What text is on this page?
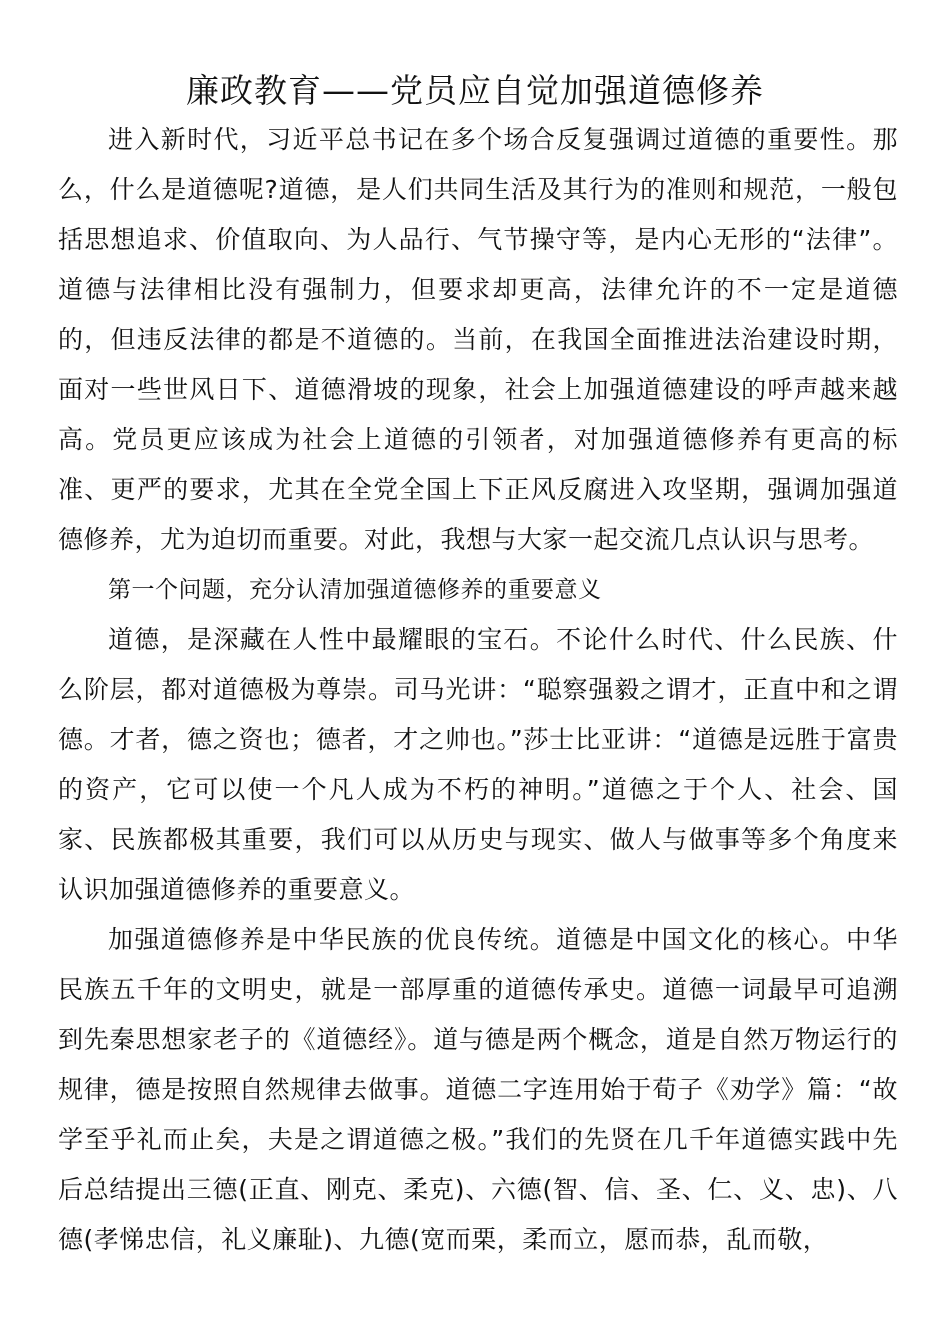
廉政教育——党员应自觉加强道德修养

进入新时代，习近平总书记在多个场合反复强调过道德的重要性。那么，什么是道德呢?道德，是人们共同生活及其行为的准则和规范，一般包括思想追求、价值取向、为人品行、气节操守等，是内心无形的“法律”。道德与法律相比没有强制力，但要求却更高，法律允许的不一定是道德的，但违反法律的都是不道德的。当前，在我国全面推进法治建设时期，面对一些世风日下、道德滑坡的现象，社会上加强道德建设的呼声越来越高。党员更应该成为社会上道德的引领者，对加强道德修养有更高的标准、更严的要求，尤其在全党全国上下正风反腐进入攻坚期，强调加强道德修养，尤为迫切而重要。对此，我想与大家一起交流几点认识与思考。

第一个问题，充分认清加强道德修养的重要意义

道德，是深藏在人性中最耀眼的宝石。不论什么时代、什么民族、什么阶层，都对道德极为尊崇。司马光讲：“聪察强毅之谓才，正直中和之谓德。才者，德之资也；德者，才之帅也。”莎士比亚讲：“道德是远胜于富贵的资产，它可以使一个凡人成为不朽的神明。”道德之于个人、社会、国家、民族都极其重要，我们可以从历史与现实、做人与做事等多个角度来认识加强道德修养的重要意义。

加强道德修养是中华民族的优良传统。道德是中国文化的核心。中华民族五千年的文明史，就是一部厚重的道德传承史。道德一词最早可追溯到先秦思想家老子的《道德经》。道与德是两个概念，道是自然万物运行的规律，德是按照自然规律去做事。道德二字连用始于荀子《劝学》篇：“故学至乎礼而止矣，夫是之谓道德之极。”我们的先贤在几千年道德实践中先后总结提出三德(正直、刚克、柔克)、六德(智、信、圣、仁、义、忠)、八德(孝悌忠信，礼义廉耻)、九德(宽而栗，柔而立，愿而恭，乱而敬，
